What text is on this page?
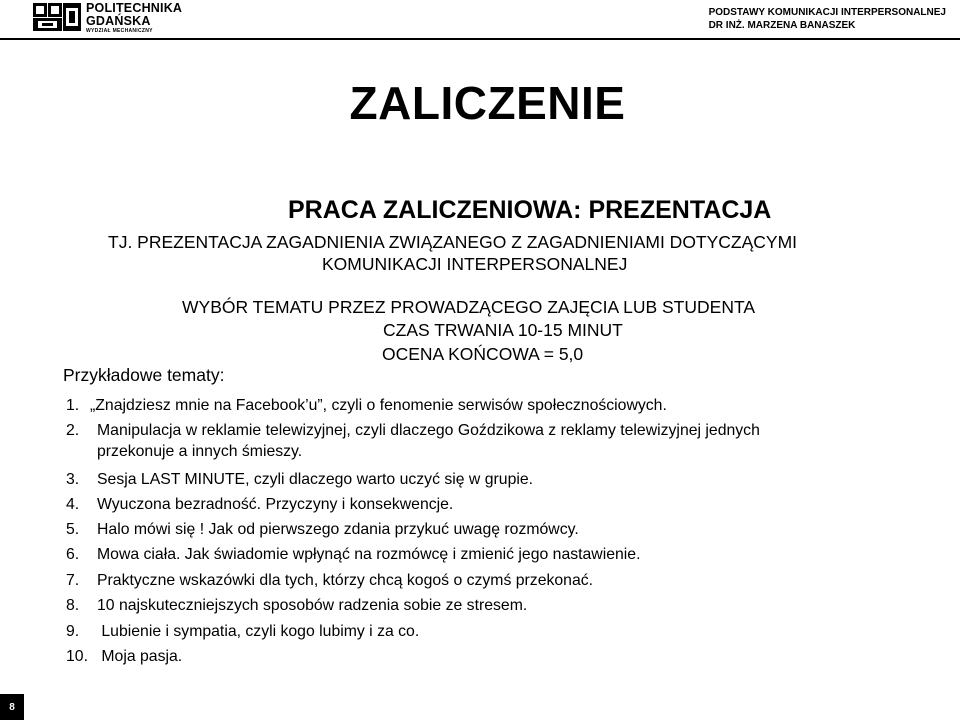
POLITECHNIKA
GDAŃSKA
WYDZIAŁ MECHANICZNY
PODSTAWY KOMUNIKACJI INTERPERSONALNEJ
DR INŻ. MARZENA BANASZEK
ZALICZENIE
PRACA ZALICZENIOWA: PREZENTACJA
TJ. PREZENTACJA ZAGADNIENIA ZWIĄZANEGO Z ZAGADNIENIAMI DOTYCZĄCYMI
KOMUNIKACJI INTERPERSONALNEJ
WYBÓR TEMATU PRZEZ PROWADZĄCEGO ZAJĘCIA LUB STUDENTA
CZAS TRWANIA 10-15 MINUT
OCENA KOŃCOWA = 5,0
Przykładowe tematy:
1. „Znajdziesz mnie na Facebook’u”, czyli o fenomenie serwisów społecznościowych.
2. Manipulacja w reklamie telewizyjnej, czyli dlaczego Goździkowa z reklamy telewizyjnej jednych
przekonuje a innych śmieszy.
3. Sesja LAST MINUTE, czyli dlaczego warto uczyć się w grupie.
4. Wyuczona bezradność. Przyczyny i konsekwencje.
5. Halo mówi się ! Jak od pierwszego zdania przykuć uwagę rozmówcy.
6. Mowa ciała. Jak świadomie wpłynąć na rozmówcę i zmienić jego nastawienie.
7. Praktyczne wskazówki dla tych, którzy chcą kogoś o czymś przekonać.
8. 10 najskuteczniejszych sposobów radzenia sobie ze stresem.
9. Lubienie i sympatia, czyli kogo lubimy i za co.
10. Moja pasja.
8
